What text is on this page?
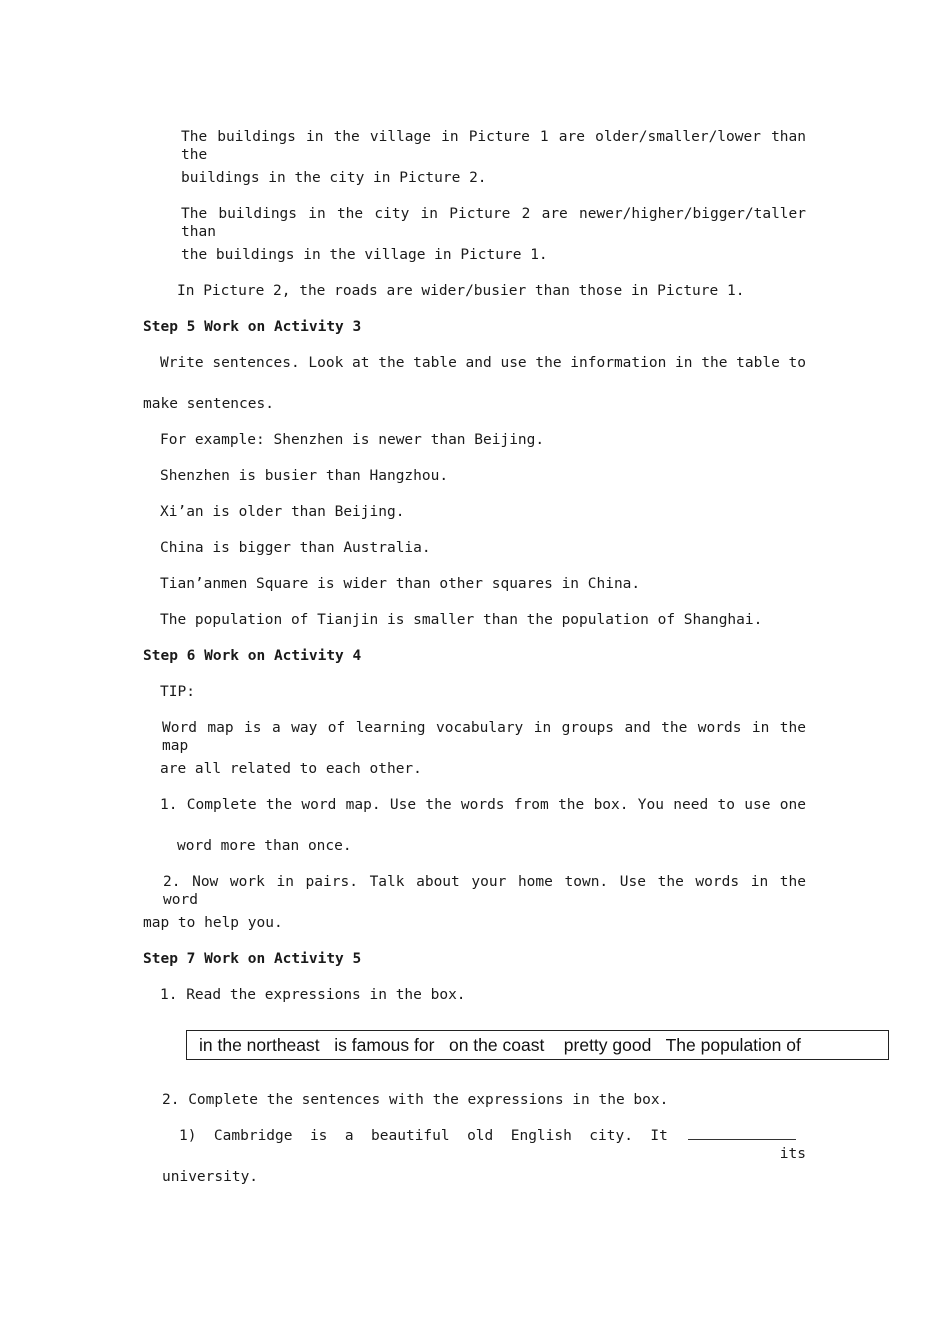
The buildings in the village in Picture 1 are older/smaller/lower than the

buildings in the city in Picture 2.

The buildings in the city in Picture 2 are newer/higher/bigger/taller than

the buildings in the village in Picture 1.

In Picture 2, the roads are wider/busier than those in Picture 1.

Step 5 Work on Activity 3

Write sentences. Look at the table and use the information in the table to

make sentences.

For example: Shenzhen is newer than Beijing.

Shenzhen is busier than Hangzhou.

Xi’an is older than Beijing.

China is bigger than Australia.

Tian’anmen Square is wider than other squares in China.

The population of Tianjin is smaller than the population of Shanghai.

Step 6 Work on Activity 4

TIP:

Word map is a way of learning vocabulary in groups and the words in the map

are all related to each other.

1. Complete the word map. Use the words from the box. You need to use one

word more than once.

2. Now work in pairs. Talk about your home town. Use the words in the word

map to help you.

Step 7 Work on Activity 5

1. Read the expressions in the box.

in the northeast   is famous for   on the coast    pretty good   The population of

2. Complete the sentences with the expressions in the box.

1)  Cambridge  is  a  beautiful  old  English  city.  It
its

university.
